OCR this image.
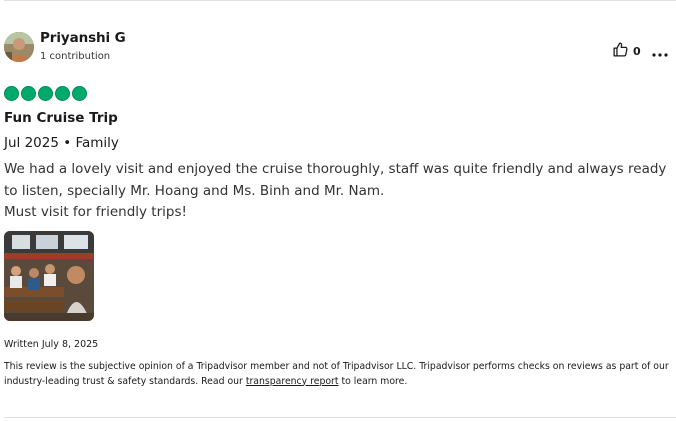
Priyanshi G
1 contribution	0
Fun Cruise Trip
Jul 2025 • Family

We had a lovely visit and enjoyed the cruise thoroughly, staff was quite friendly and always ready to listen, specially Mr. Hoang and Ms. Binh and Mr. Nam.

Must visit for friendly trips!

Written July 8, 2025
This review is the subjective opinion of a Tripadvisor member and not of Tripadvisor LLC. Tripadvisor performs checks on reviews as part of our industry-leading trust & safety standards. Read our transparency report to learn more.
